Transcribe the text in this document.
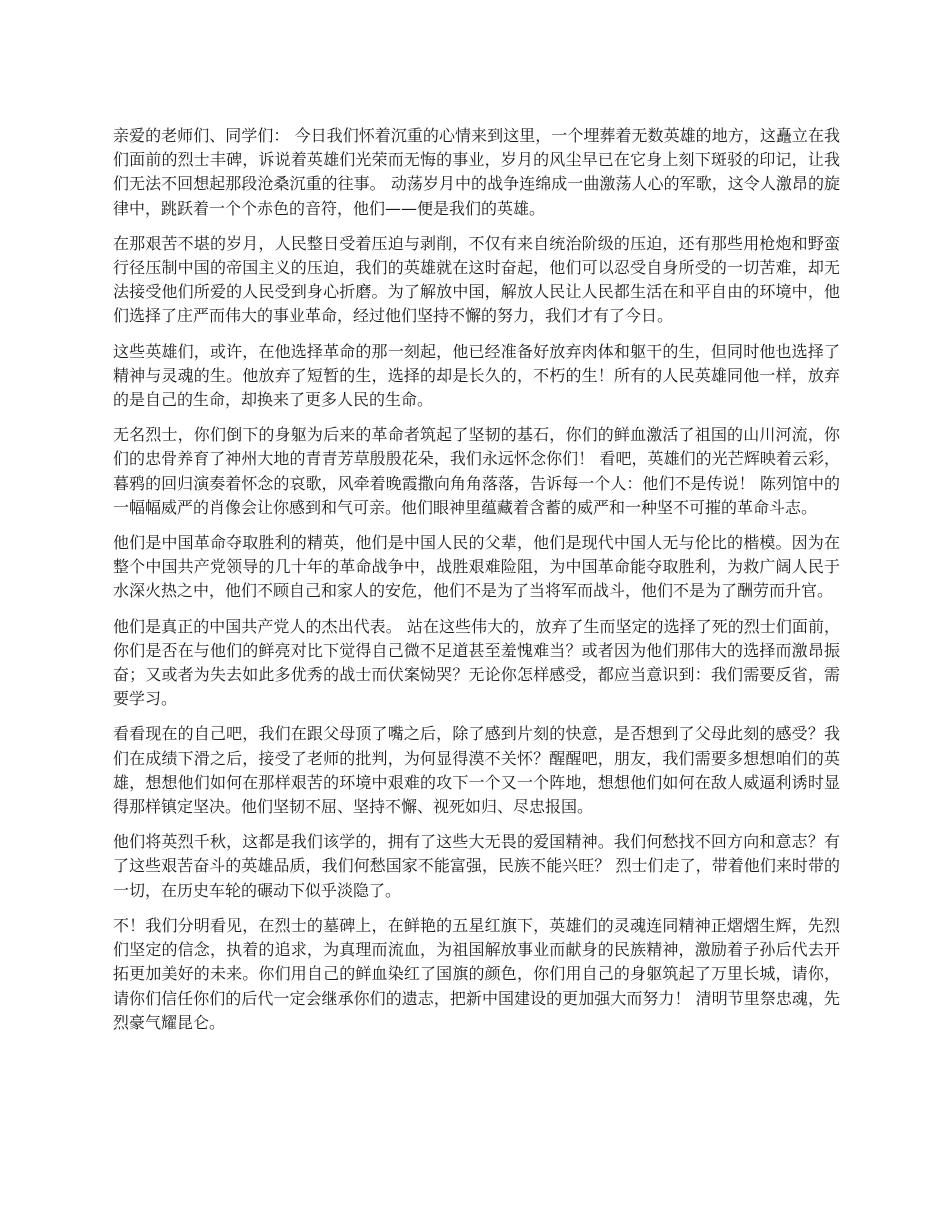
亲爱的老师们、同学们： 今日我们怀着沉重的心情来到这里，一个埋葬着无数英雄的地方，这矗立在我们面前的烈士丰碑，诉说着英雄们光荣而无悔的事业，岁月的风尘早已在它身上刻下斑驳的印记，让我们无法不回想起那段沧桑沉重的往事。 动荡岁月中的战争连绵成一曲激荡人心的军歌，这令人激昂的旋律中，跳跃着一个个赤色的音符，他们——便是我们的英雄。

在那艰苦不堪的岁月，人民整日受着压迫与剥削，不仅有来自统治阶级的压迫，还有那些用枪炮和野蛮行径压制中国的帝国主义的压迫，我们的英雄就在这时奋起，他们可以忍受自身所受的一切苦难，却无法接受他们所爱的人民受到身心折磨。为了解放中国，解放人民让人民都生活在和平自由的环境中，他们选择了庄严而伟大的事业革命，经过他们坚持不懈的努力，我们才有了今日。

这些英雄们，或许，在他选择革命的那一刻起，他已经准备好放弃肉体和躯干的生，但同时他也选择了精神与灵魂的生。他放弃了短暂的生，选择的却是长久的，不朽的生！所有的人民英雄同他一样，放弃的是自己的生命，却换来了更多人民的生命。

无名烈士，你们倒下的身躯为后来的革命者筑起了坚韧的基石，你们的鲜血激活了祖国的山川河流，你们的忠骨养育了神州大地的青青芳草殷殷花朵，我们永远怀念你们！ 看吧，英雄们的光芒辉映着云彩，暮鸦的回归演奏着怀念的哀歌，风牵着晚霞撒向角角落落，告诉每一个人：他们不是传说！ 陈列馆中的一幅幅威严的肖像会让你感到和气可亲。他们眼神里蕴藏着含蓄的威严和一种坚不可摧的革命斗志。

他们是中国革命夺取胜利的精英，他们是中国人民的父辈，他们是现代中国人无与伦比的楷模。因为在整个中国共产党领导的几十年的革命战争中，战胜艰难险阻，为中国革命能夺取胜利，为救广阔人民于水深火热之中，他们不顾自己和家人的安危，他们不是为了当将军而战斗，他们不是为了酬劳而升官。

他们是真正的中国共产党人的杰出代表。 站在这些伟大的，放弃了生而坚定的选择了死的烈士们面前，你们是否在与他们的鲜亮对比下觉得自己微不足道甚至羞愧难当？或者因为他们那伟大的选择而激昂振奋；又或者为失去如此多优秀的战士而伏案恸哭？无论你怎样感受，都应当意识到：我们需要反省，需要学习。

看看现在的自己吧，我们在跟父母顶了嘴之后，除了感到片刻的快意，是否想到了父母此刻的感受？我们在成绩下滑之后，接受了老师的批判，为何显得漠不关怀？醒醒吧，朋友，我们需要多想想咱们的英雄，想想他们如何在那样艰苦的环境中艰难的攻下一个又一个阵地，想想他们如何在敌人威逼利诱时显得那样镇定坚决。他们坚韧不屈、坚持不懈、视死如归、尽忠报国。

他们将英烈千秋，这都是我们该学的，拥有了这些大无畏的爱国精神。我们何愁找不回方向和意志？有了这些艰苦奋斗的英雄品质，我们何愁国家不能富强，民族不能兴旺？ 烈士们走了，带着他们来时带的一切，在历史车轮的碾动下似乎淡隐了。

不！我们分明看见，在烈士的墓碑上，在鲜艳的五星红旗下，英雄们的灵魂连同精神正熠熠生辉，先烈们坚定的信念，执着的追求，为真理而流血，为祖国解放事业而献身的民族精神，激励着子孙后代去开拓更加美好的未来。你们用自己的鲜血染红了国旗的颜色，你们用自己的身躯筑起了万里长城，请你，请你们信任你们的后代一定会继承你们的遗志，把新中国建设的更加强大而努力！ 清明节里祭忠魂，先烈豪气耀昆仑。
